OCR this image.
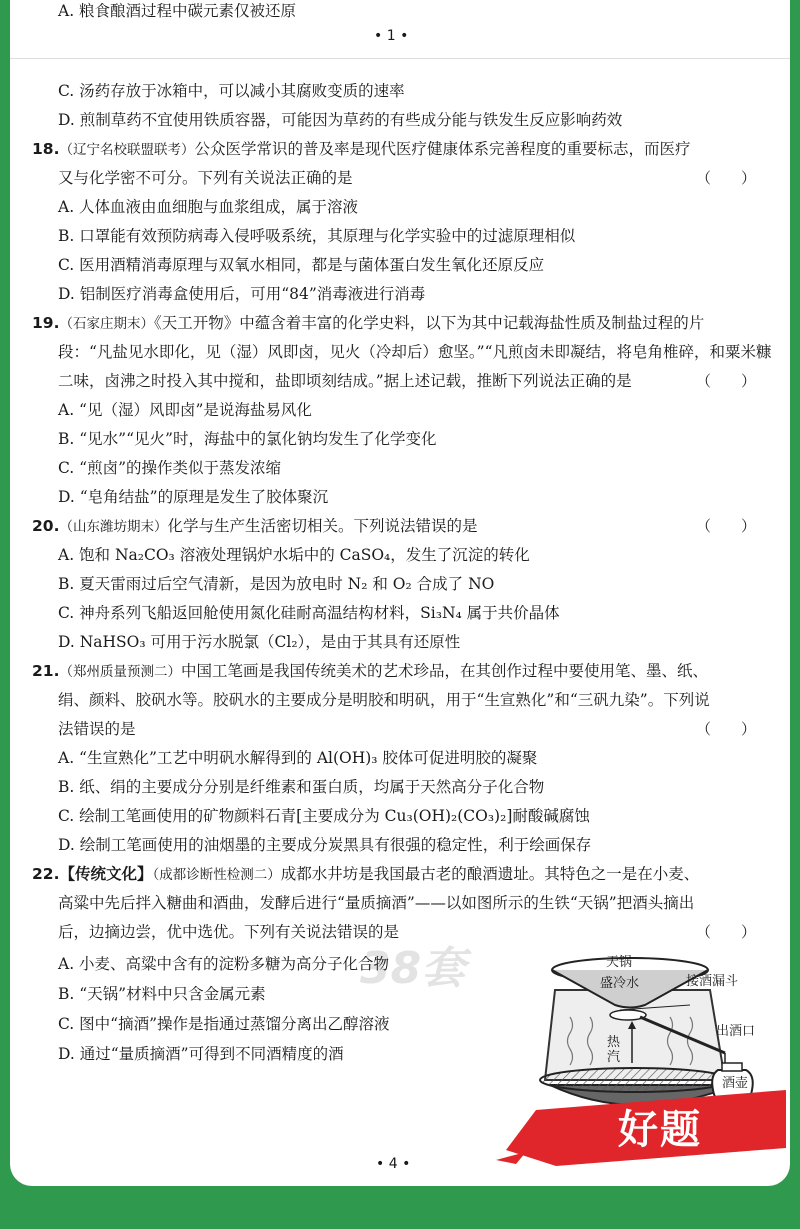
A. 粮食酿酒过程中碳元素仅被还原
• 1 •
C. 汤药存放于冰箱中，可以减小其腐败变质的速率
D. 煎制草药不宜使用铁质容器，可能因为草药的有些成分能与铁发生反应影响药效
18.（辽宁名校联盟联考）公众医学常识的普及率是现代医疗健康体系完善程度的重要标志，而医疗
又与化学密不可分。下列有关说法正确的是	（　　）
A. 人体血液由血细胞与血浆组成，属于溶液
B. 口罩能有效预防病毒入侵呼吸系统，其原理与化学实验中的过滤原理相似
C. 医用酒精消毒原理与双氧水相同，都是与菌体蛋白发生氧化还原反应
D. 铝制医疗消毒盒使用后，可用“84”消毒液进行消毒
19.（石家庄期末）《天工开物》中蕴含着丰富的化学史料，以下为其中记载海盐性质及制盐过程的片
段：“凡盐见水即化，见（湿）风即卤，见火（冷却后）愈坚。”“凡煎卤未即凝结，将皂角椎碎，和粟米糠
二味，卤沸之时投入其中搅和，盐即顷刻结成。”据上述记载，推断下列说法正确的是	（　　）
A. “见（湿）风即卤”是说海盐易风化
B. “见水”“见火”时，海盐中的氯化钠均发生了化学变化
C. “煎卤”的操作类似于蒸发浓缩
D. “皂角结盐”的原理是发生了胶体聚沉
20.（山东潍坊期末）化学与生产生活密切相关。下列说法错误的是	（　　）
A. 饱和 Na₂CO₃ 溶液处理锅炉水垢中的 CaSO₄，发生了沉淀的转化
B. 夏天雷雨过后空气清新，是因为放电时 N₂ 和 O₂ 合成了 NO
C. 神舟系列飞船返回舱使用氮化硅耐高温结构材料，Si₃N₄ 属于共价晶体
D. NaHSO₃ 可用于污水脱氯（Cl₂），是由于其具有还原性
21.（郑州质量预测二）中国工笔画是我国传统美术的艺术珍品，在其创作过程中要使用笔、墨、纸、
绢、颜料、胶矾水等。胶矾水的主要成分是明胶和明矾，用于“生宣熟化”和“三矾九染”。下列说
法错误的是	（　　）
A. “生宣熟化”工艺中明矾水解得到的 Al(OH)₃ 胶体可促进明胶的凝聚
B. 纸、绢的主要成分分别是纤维素和蛋白质，均属于天然高分子化合物
C. 绘制工笔画使用的矿物颜料石青[主要成分为 Cu₃(OH)₂(CO₃)₂]耐酸碱腐蚀
D. 绘制工笔画使用的油烟墨的主要成分炭黑具有很强的稳定性，利于绘画保存
22.【传统文化】（成都诊断性检测二）成都水井坊是我国最古老的酿酒遗址。其特色之一是在小麦、
高粱中先后拌入糖曲和酒曲，发酵后进行“量质摘酒”——以如图所示的生铁“天锅”把酒头摘出
后，边摘边尝，优中选优。下列有关说法错误的是	（　　）
38套
A. 小麦、高粱中含有的淀粉多糖为高分子化合物
B. “天锅”材料中只含金属元素
C. 图中“摘酒”操作是指通过蒸馏分离出乙醇溶液
D. 通过“量质摘酒”可得到不同酒精度的酒
天锅
盛冷水	接酒漏斗
出酒口
热汽
酒壶
好题
• 4 •
